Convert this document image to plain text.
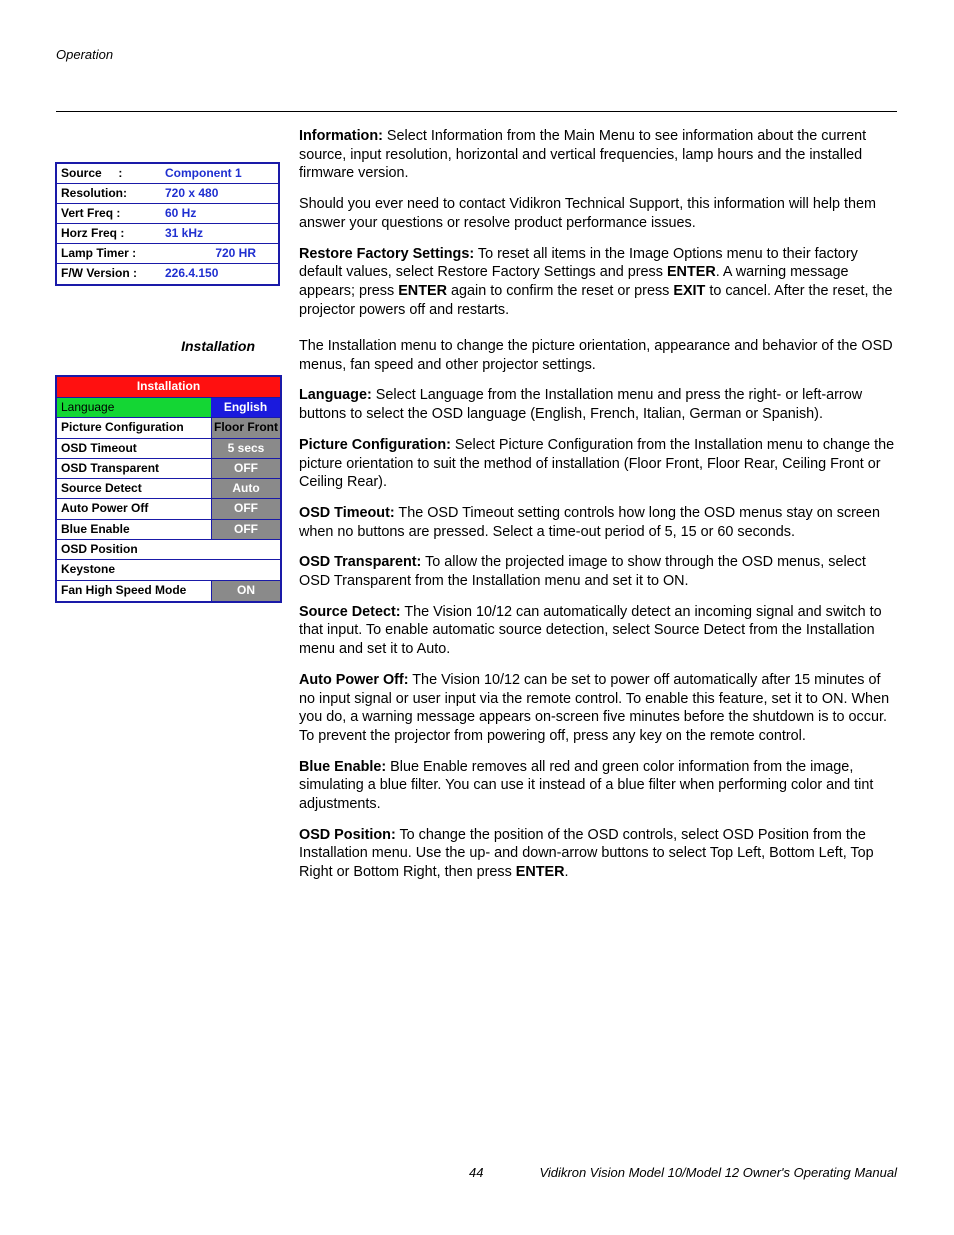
Operation
Source     :	Component 1
Resolution:	720 x 480
Vert Freq :	60 Hz
Horz Freq :	31 kHz
Lamp Timer :	720 HR
F/W Version :	226.4.150
Installation
Installation
Language	English
Picture Configuration	Floor Front
OSD Timeout	5 secs
OSD Transparent	OFF
Source Detect	Auto
Auto Power Off	OFF
Blue Enable	OFF
OSD Position
Keystone
Fan High Speed Mode	ON

Information: Select Information from the Main Menu to see information about the current source, input resolution, horizontal and vertical frequencies, lamp hours and the installed firmware version.

Should you ever need to contact Vidikron Technical Support, this information will help them answer your questions or resolve product performance issues.

Restore Factory Settings: To reset all items in the Image Options menu to their factory default values, select Restore Factory Settings and press ENTER. A warning message appears; press ENTER again to confirm the reset or press EXIT to cancel. After the reset, the projector powers off and restarts.

The Installation menu to change the picture orientation, appearance and behavior of the OSD menus, fan speed and other projector settings.

Language: Select Language from the Installation menu and press the right- or left-arrow buttons to select the OSD language (English, French, Italian, German or Spanish).

Picture Configuration: Select Picture Configuration from the Installation menu to change the picture orientation to suit the method of installation (Floor Front, Floor Rear, Ceiling Front or Ceiling Rear).

OSD Timeout: The OSD Timeout setting controls how long the OSD menus stay on screen when no buttons are pressed. Select a time-out period of 5, 15 or 60 seconds.

OSD Transparent: To allow the projected image to show through the OSD menus, select OSD Transparent from the Installation menu and set it to ON.

Source Detect: The Vision 10/12 can automatically detect an incoming signal and switch to that input. To enable automatic source detection, select Source Detect from the Installation menu and set it to Auto.

Auto Power Off: The Vision 10/12 can be set to power off automatically after 15 minutes of no input signal or user input via the remote control. To enable this feature, set it to ON. When you do, a warning message appears on-screen five minutes before the shutdown is to occur. To prevent the projector from powering off, press any key on the remote control.

Blue Enable: Blue Enable removes all red and green color information from the image, simulating a blue filter. You can use it instead of a blue filter when performing color and tint adjustments.

OSD Position: To change the position of the OSD controls, select OSD Position from the Installation menu. Use the up- and down-arrow buttons to select Top Left, Bottom Left, Top Right or Bottom Right, then press ENTER.

44	Vidikron Vision Model 10/Model 12 Owner's Operating Manual
